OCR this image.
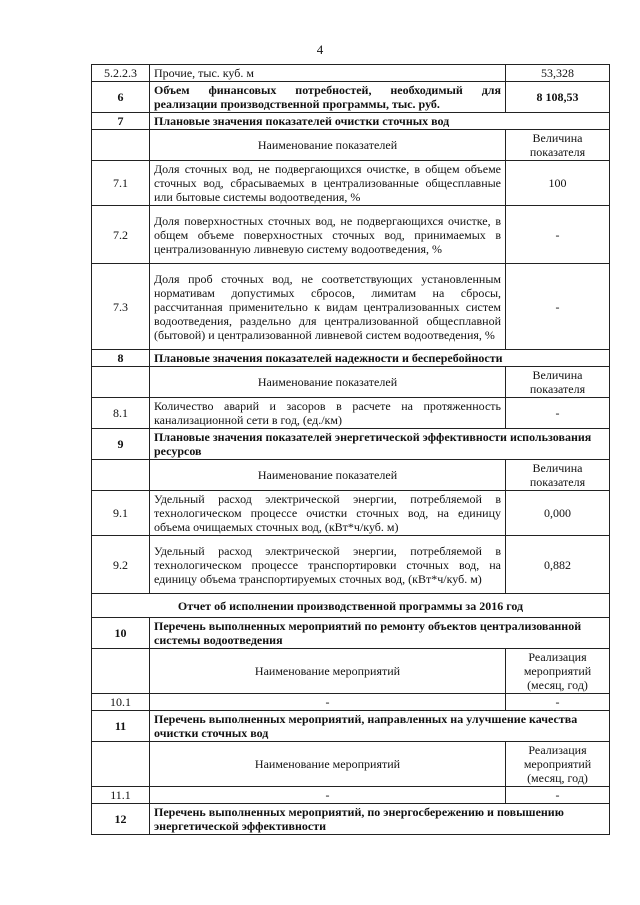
4
5.2.2.3	Прочие, тыс. куб. м	53,328
6	Объем финансовых потребностей, необходимый для реализации производственной программы, тыс. руб.	8 108,53
7	Плановые значения показателей очистки сточных вод	
	Наименование показателей	Величина показателя
7.1	Доля сточных вод, не подвергающихся очистке, в общем объеме сточных вод, сбрасываемых в централизованные общесплавные или бытовые системы водоотведения, %	100
7.2	Доля поверхностных сточных вод, не подвергающихся очистке, в общем объеме поверхностных сточных вод, принимаемых в централизованную ливневую систему водоотведения, %	-
7.3	Доля проб сточных вод, не соответствующих установленным нормативам допустимых сбросов, лимитам на сбросы, рассчитанная применительно к видам централизованных систем водоотведения, раздельно для централизованной общесплавной (бытовой) и централизованной ливневой систем водоотведения, %	-
8	Плановые значения показателей надежности и бесперебойности	
	Наименование показателей	Величина показателя
8.1	Количество аварий и засоров в расчете на протяженность канализационной сети в год, (ед./км)	-
9	Плановые значения показателей энергетической эффективности использования ресурсов	
	Наименование показателей	Величина показателя
9.1	Удельный расход электрической энергии, потребляемой в технологическом процессе очистки сточных вод, на единицу объема очищаемых сточных вод, (кВт*ч/куб. м)	0,000
9.2	Удельный расход электрической энергии, потребляемой в технологическом процессе транспортировки сточных вод, на единицу объема транспортируемых сточных вод, (кВт*ч/куб. м)	0,882
Отчет об исполнении производственной программы за 2016 год		
10	Перечень выполненных мероприятий по ремонту объектов централизованной системы водоотведения	
	Наименование мероприятий	Реализация мероприятий (месяц, год)
10.1	-	-
11	Перечень выполненных мероприятий, направленных на улучшение качества очистки сточных вод	
	Наименование мероприятий	Реализация мероприятий (месяц, год)
11.1	-	-
12	Перечень выполненных мероприятий, по энергосбережению и повышению энергетической эффективности	
